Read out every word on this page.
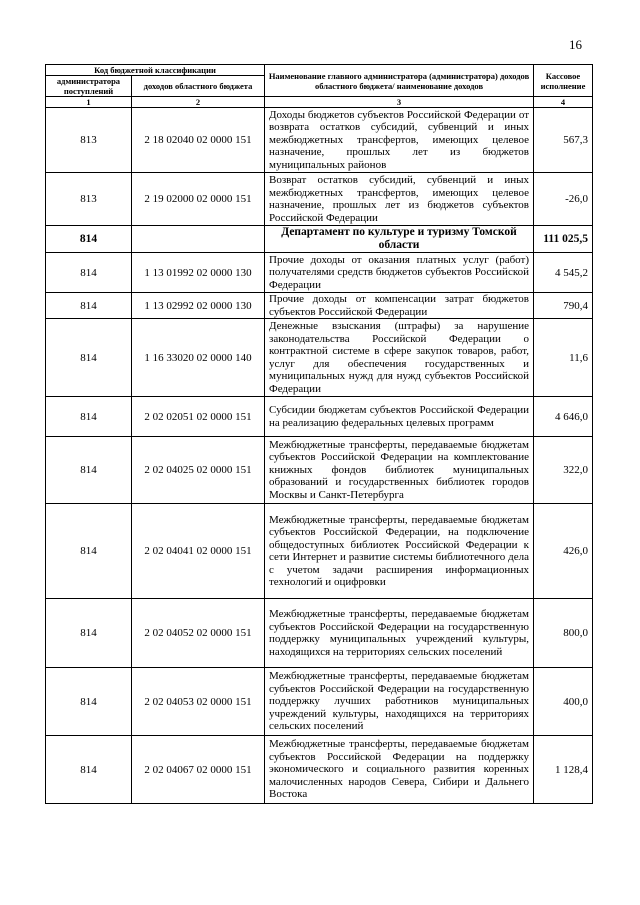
16
Код бюджетной классификации		Наименование главного администратора (администратора) доходов областного бюджета/ наименование доходов	Кассовое исполнение
администратора поступлений	доходов областного бюджета		
1	2	3	4
813	2 18 02040 02 0000 151	Доходы бюджетов субъектов Российской Федерации от возврата остатков субсидий, субвенций и иных межбюджетных трансфертов, имеющих целевое назначение, прошлых лет из бюджетов муниципальных районов	567,3
813	2 19 02000 02 0000 151	Возврат остатков субсидий, субвенций и иных межбюджетных трансфертов, имеющих целевое назначение, прошлых лет из бюджетов субъектов Российской Федерации	-26,0
814		Департамент по культуре и туризму Томской области	111 025,5
814	1 13 01992 02 0000 130	Прочие доходы от оказания платных услуг (работ) получателями средств бюджетов субъектов Российской Федерации	4 545,2
814	1 13 02992 02 0000 130	Прочие доходы от компенсации затрат бюджетов субъектов Российской Федерации	790,4
814	1 16 33020 02 0000 140	Денежные взыскания (штрафы) за нарушение законодательства Российской Федерации о контрактной системе в сфере закупок товаров, работ, услуг для обеспечения государственных и муниципальных нужд для нужд субъектов Российской Федерации	11,6
814	2 02 02051 02 0000 151	Субсидии бюджетам субъектов Российской Федерации на реализацию федеральных целевых программ	4 646,0
814	2 02 04025 02 0000 151	Межбюджетные трансферты, передаваемые бюджетам субъектов Российской Федерации на комплектование книжных фондов библиотек муниципальных образований и государственных библиотек городов Москвы и Санкт-Петербурга	322,0
814	2 02 04041 02 0000 151	Межбюджетные трансферты, передаваемые бюджетам субъектов Российской Федерации, на подключение общедоступных библиотек Российской Федерации к сети Интернет и развитие системы библиотечного дела с учетом задачи расширения информационных технологий и оцифровки	426,0
814	2 02 04052 02 0000 151	Межбюджетные трансферты, передаваемые бюджетам субъектов Российской Федерации на государственную поддержку муниципальных учреждений культуры, находящихся на территориях сельских поселений	800,0
814	2 02 04053 02 0000 151	Межбюджетные трансферты, передаваемые бюджетам субъектов Российской Федерации на государственную поддержку лучших работников муниципальных учреждений культуры, находящихся на территориях сельских поселений	400,0
814	2 02 04067 02 0000 151	Межбюджетные трансферты, передаваемые бюджетам субъектов Российской Федерации на поддержку экономического и социального развития коренных малочисленных народов Севера, Сибири и Дальнего Востока	1 128,4
